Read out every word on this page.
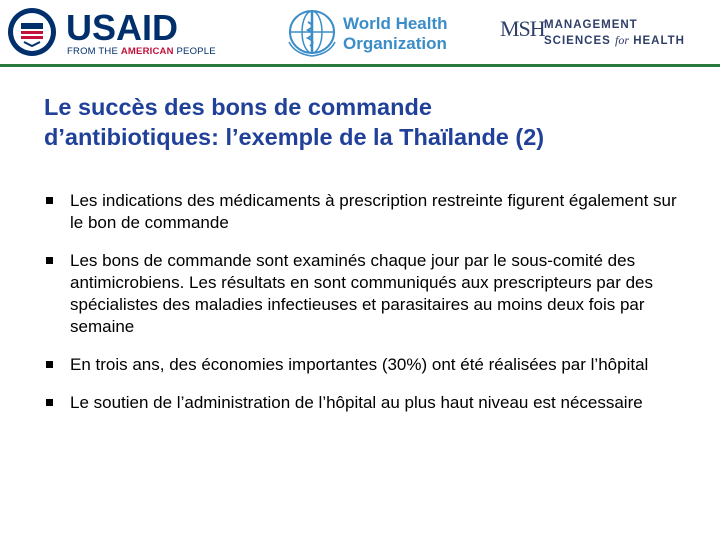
USAID
FROM THE AMERICAN PEOPLE
World Health
Organization
MSH MANAGEMENT
SCIENCES for HEALTH
Le succès des bons de commande
d’antibiotiques: l’exemple de la Thaïlande (2)
Les indications des médicaments à prescription restreinte figurent également sur le bon de commande
Les bons de commande sont examinés chaque jour par le sous-comité des antimicrobiens. Les résultats en sont communiqués aux prescripteurs par des spécialistes des maladies infectieuses et parasitaires au moins deux fois par semaine
En trois ans, des économies importantes (30%) ont été réalisées par l’hôpital
Le soutien de l’administration de l’hôpital au plus haut niveau est nécessaire
